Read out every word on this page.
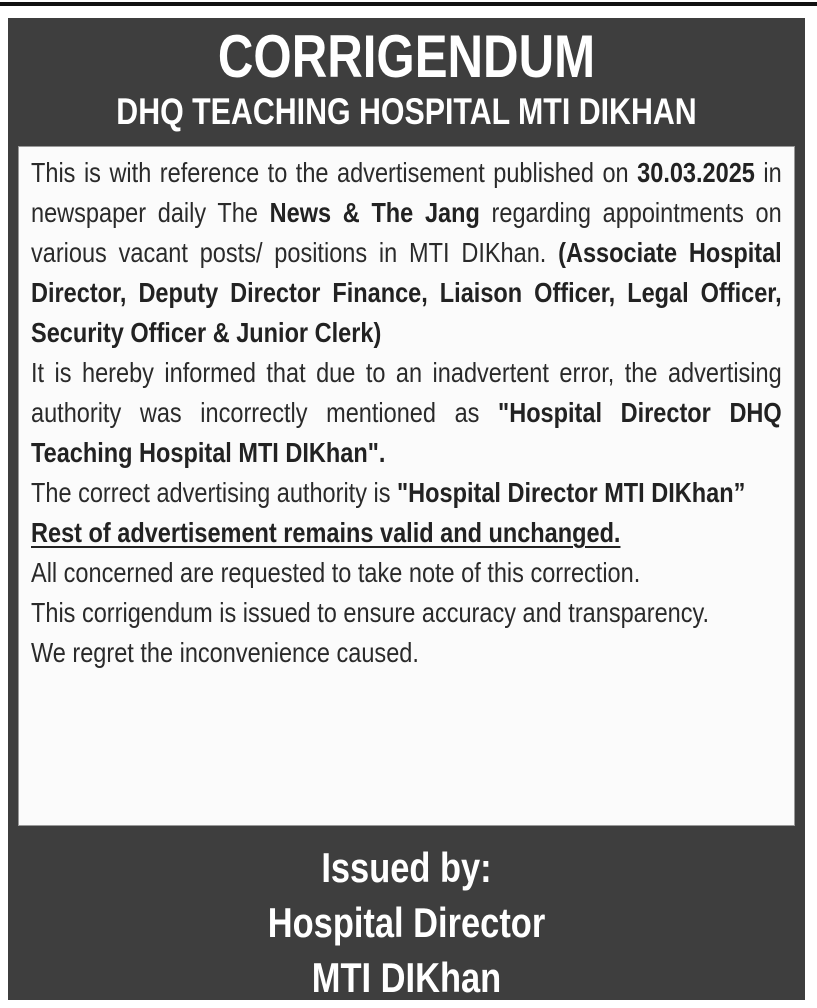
CORRIGENDUM
DHQ TEACHING HOSPITAL MTI DIKHAN

This is with reference to the advertisement published on 30.03.2025 in newspaper daily The News & The Jang regarding appointments on various vacant posts/ positions in MTI DIKhan. (Associate Hospital Director, Deputy Director Finance, Liaison Officer, Legal Officer, Security Officer & Junior Clerk)

It is hereby informed that due to an inadvertent error, the advertising authority was incorrectly mentioned as "Hospital Director DHQ Teaching Hospital MTI DIKhan".

The correct advertising authority is "Hospital Director MTI DIKhan”

Rest of advertisement remains valid and unchanged.

All concerned are requested to take note of this correction.

This corrigendum is issued to ensure accuracy and transparency.

We regret the inconvenience caused.

Issued by:
Hospital Director
MTI DIKhan
